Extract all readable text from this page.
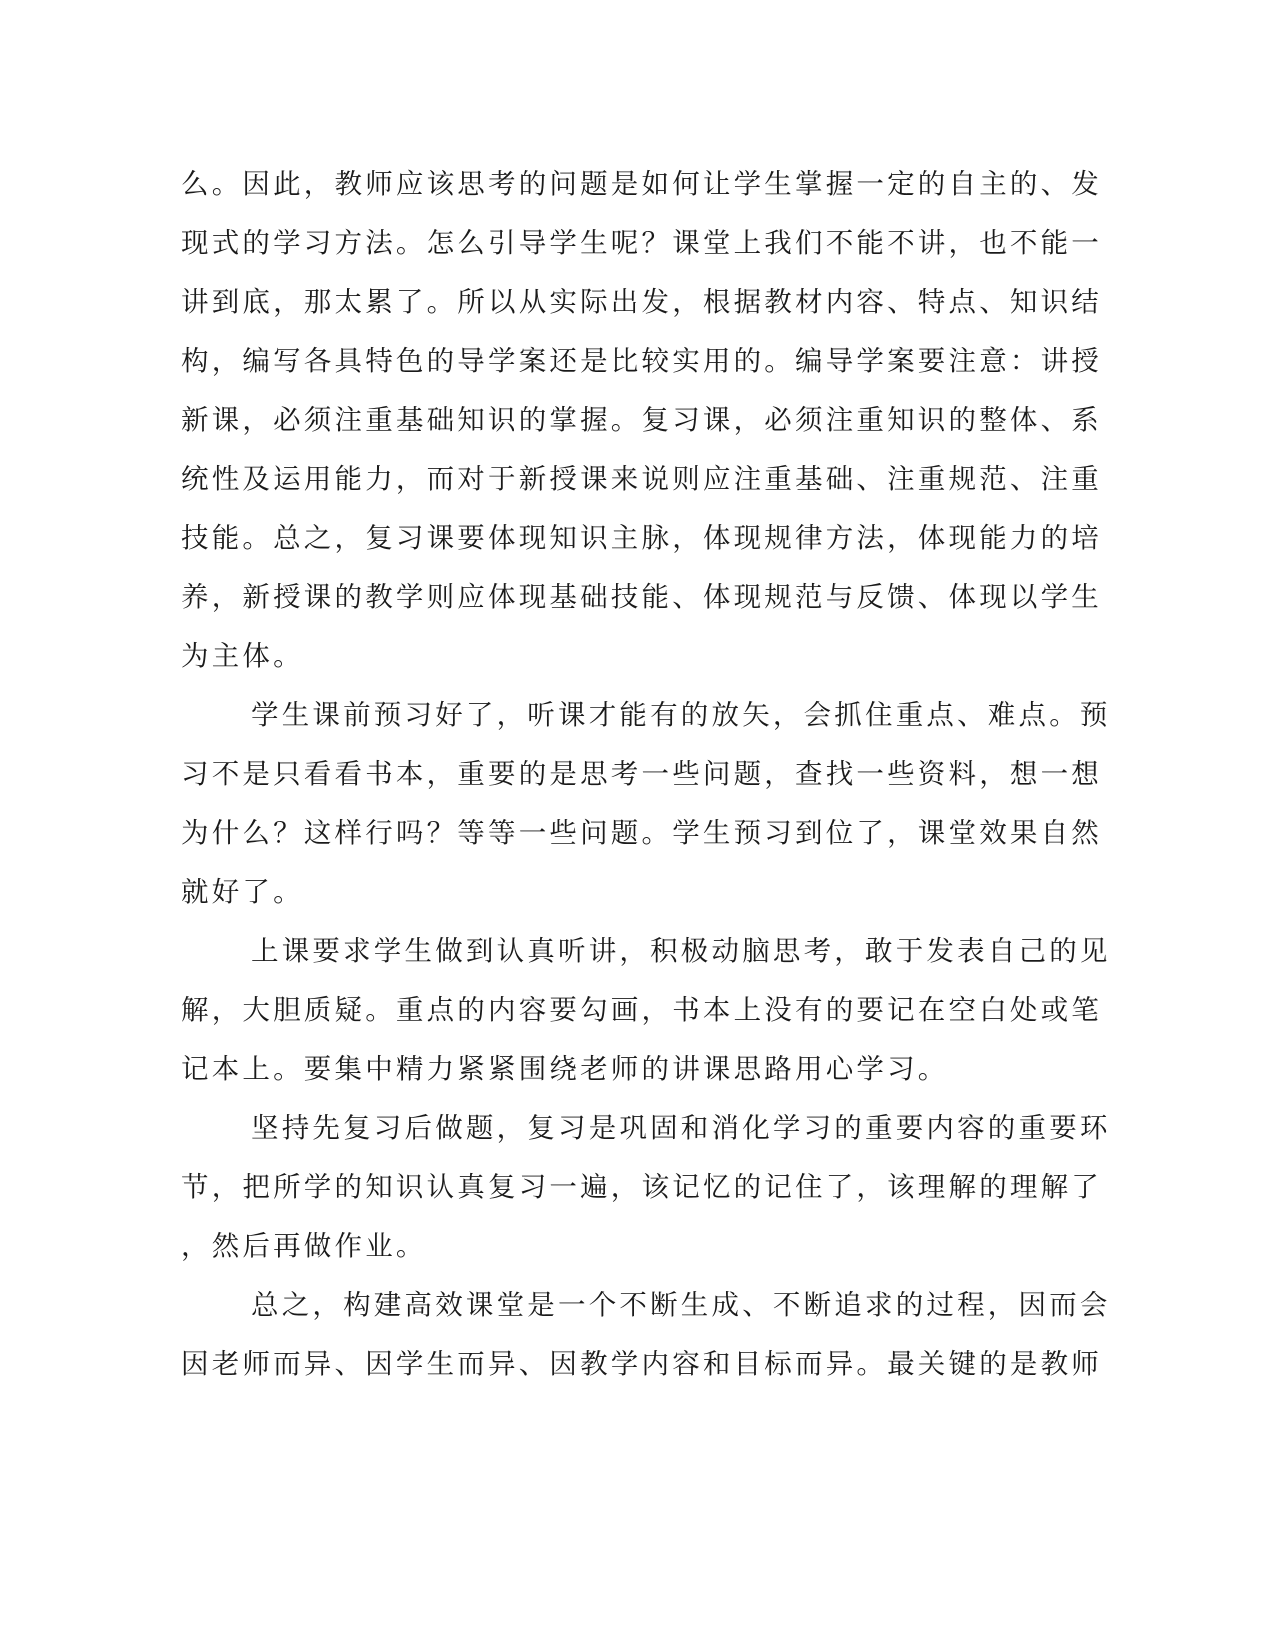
么。因此，教师应该思考的问题是如何让学生掌握一定的自主的、发
现式的学习方法。怎么引导学生呢？课堂上我们不能不讲，也不能一
讲到底，那太累了。所以从实际出发，根据教材内容、特点、知识结
构，编写各具特色的导学案还是比较实用的。编导学案要注意：讲授
新课，必须注重基础知识的掌握。复习课，必须注重知识的整体、系
统性及运用能力，而对于新授课来说则应注重基础、注重规范、注重
技能。总之，复习课要体现知识主脉，体现规律方法，体现能力的培
养，新授课的教学则应体现基础技能、体现规范与反馈、体现以学生
为主体。
学生课前预习好了，听课才能有的放矢，会抓住重点、难点。预
习不是只看看书本，重要的是思考一些问题，查找一些资料，想一想
为什么？这样行吗？等等一些问题。学生预习到位了，课堂效果自然
就好了。
上课要求学生做到认真听讲，积极动脑思考，敢于发表自己的见
解，大胆质疑。重点的内容要勾画，书本上没有的要记在空白处或笔
记本上。要集中精力紧紧围绕老师的讲课思路用心学习。
坚持先复习后做题，复习是巩固和消化学习的重要内容的重要环
节，把所学的知识认真复习一遍，该记忆的记住了，该理解的理解了
，然后再做作业。
总之，构建高效课堂是一个不断生成、不断追求的过程，因而会
因老师而异、因学生而异、因教学内容和目标而异。最关键的是教师
